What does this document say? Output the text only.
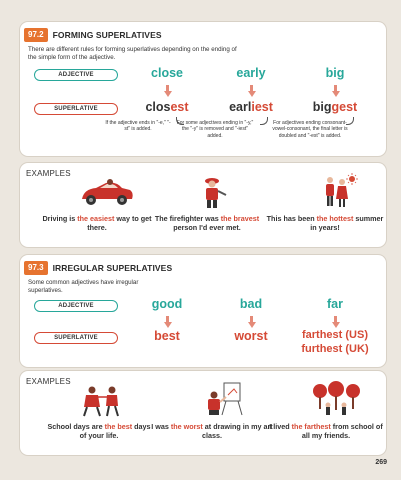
97.2	FORMING SUPERLATIVES
There are different rules for forming superlatives depending on the ending of the simple form of the adjective.
ADJECTIVE	close	early	big
SUPERLATIVE	closest	earliest	biggest
If the adjective ends in "-e," "-st" is added.
For some adjectives ending in "-y," the "-y" is removed and "-iest" added.
For adjectives ending consonant-vowel-consonant, the final letter is doubled and "-est" is added.
EXAMPLES
Driving is the easiest way to get there.
The firefighter was the bravest person I'd ever met.
This has been the hottest summer in years!
97.3	IRREGULAR SUPERLATIVES
Some common adjectives have irregular superlatives.
ADJECTIVE	good	bad	far
SUPERLATIVE	best	worst	farthest (US)
furthest (UK)
EXAMPLES
School days are the best days of your life.
I was the worst at drawing in my art class.
I lived the farthest from school of all my friends.
269
